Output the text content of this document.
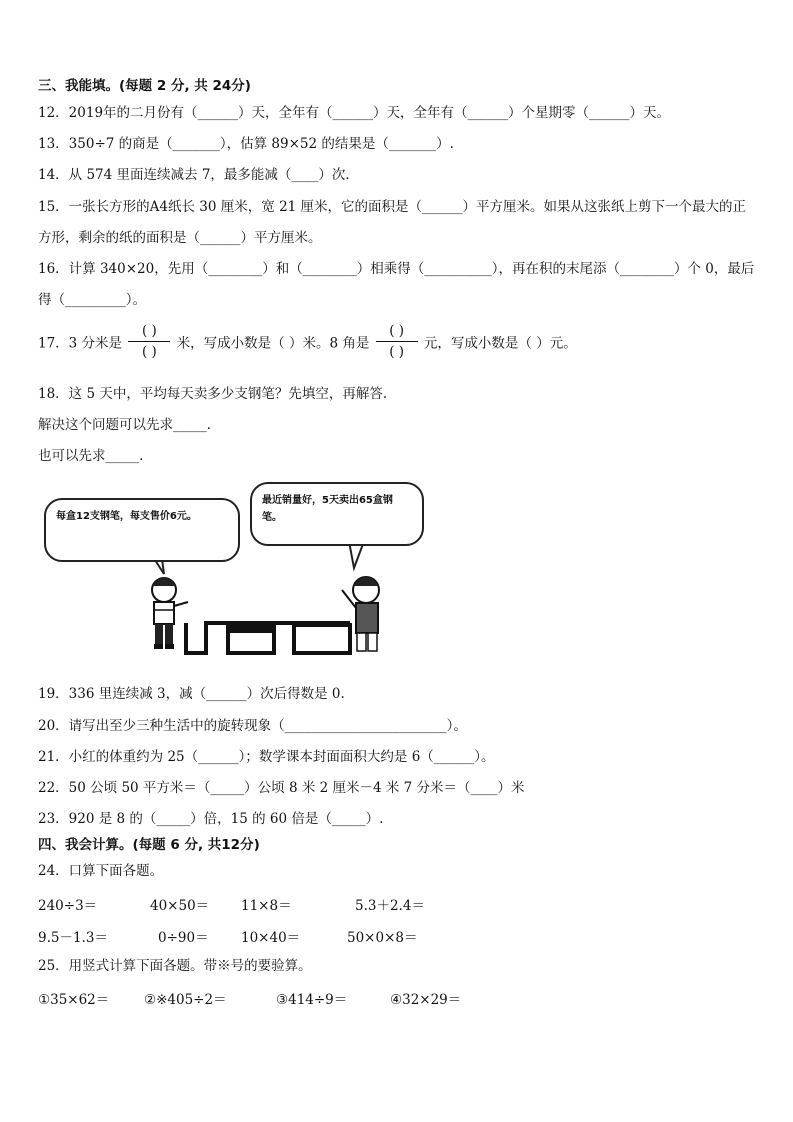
三、我能填。(每题 2 分, 共 24分)
12．2019年的二月份有（______）天，全年有（______）天，全年有（______）个星期零（______）天。
13．350÷7 的商是（_______），估算 89×52 的结果是（_______）.
14．从 574 里面连续减去 7，最多能减（____）次．
15．一张长方形的A4纸长 30 厘米，宽 21 厘米，它的面积是（______）平方厘米。如果从这张纸上剪下一个最大的正
方形，剩余的纸的面积是（______）平方厘米。
16．计算 340×20，先用（________）和（________）相乘得（__________），再在积的末尾添（________）个 0，最后
得（_________）。
17．3 分米是 $\frac{( )}{( )}$ 米，写成小数是（ ）米。8 角是 $\frac{( )}{( )}$ 元，写成小数是（ ）元。
18．这 5 天中，平均每天卖多少支钢笔？先填空，再解答．
解决这个问题可以先求_____．
也可以先求_____．
每盒12支钢笔，每支售价6元。
最近销量好，5天卖出65盒钢笔。
19．336 里连续减 3，减（______）次后得数是 0.
20．请写出至少三种生活中的旋转现象（________________________）。
21．小红的体重约为 25（______）；数学课本封面面积大约是 6（______）。
22．50 公顷 50 平方米＝（_____）公顷 8 米 2 厘米－4 米 7 分米＝（____）米
23．920 是 8 的（_____）倍，15 的 60 倍是（_____）.
四、我会计算。(每题 6 分, 共12分)
24．口算下面各题。
240÷3＝	40×50＝ 11×8＝	5.3＋2.4＝
9.5－1.3＝	0÷90＝ 10×40＝	50×0×8＝
25．用竖式计算下面各题。带※号的要验算。
①35×62＝	②※405÷2＝	③414÷9＝	④32×29＝
